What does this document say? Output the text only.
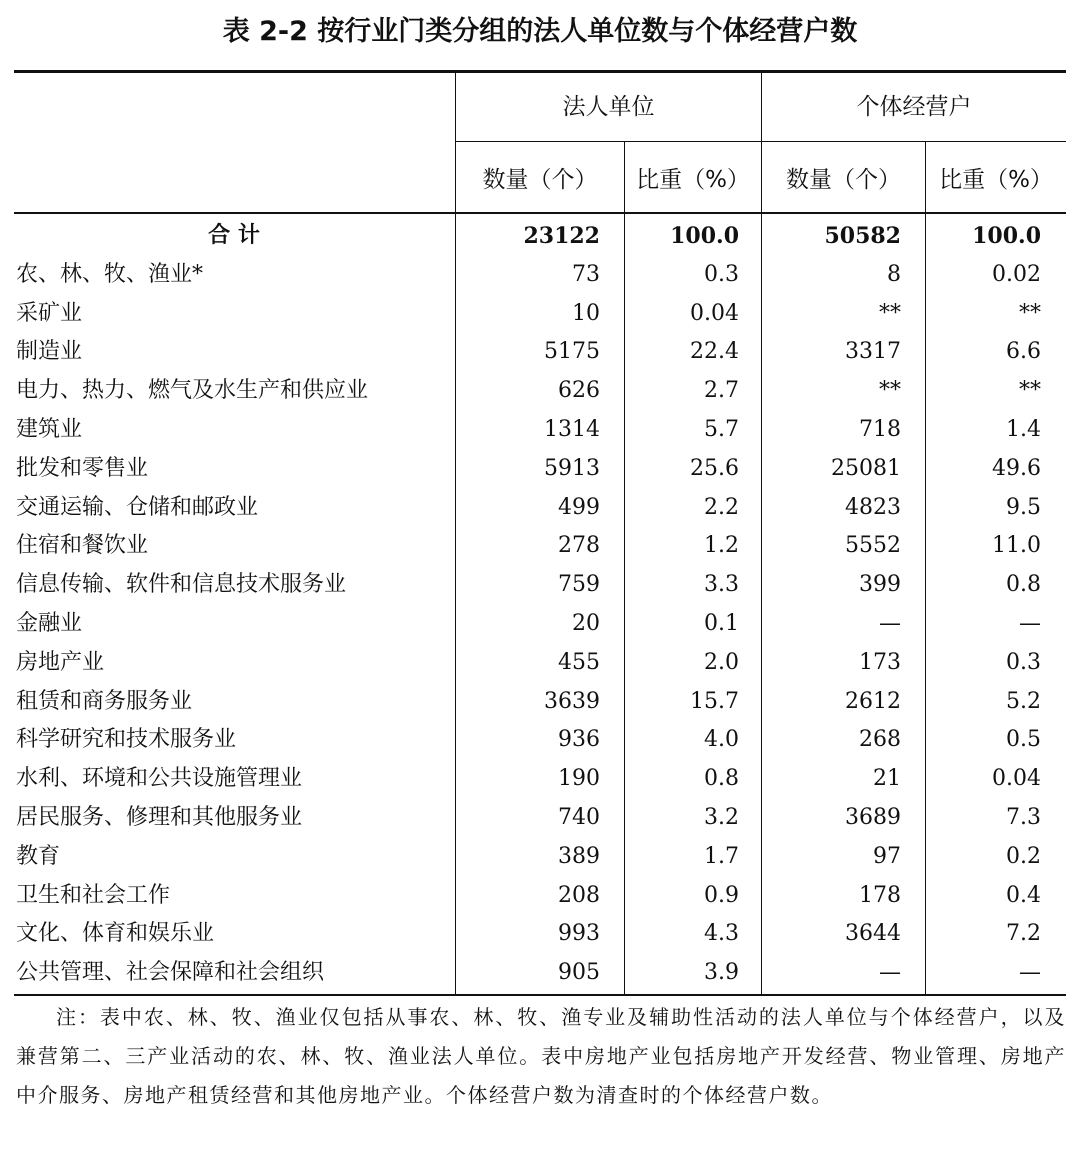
表 2-2 按行业门类分组的法人单位数与个体经营户数
法人单位	个体经营户
数量（个）	比重（%）	数量（个）	比重（%）
合 计	23122	100.0	50582	100.0
农、林、牧、渔业*	73	0.3	8	0.02
采矿业	10	0.04	**	**
制造业	5175	22.4	3317	6.6
电力、热力、燃气及水生产和供应业	626	2.7	**	**
建筑业	1314	5.7	718	1.4
批发和零售业	5913	25.6	25081	49.6
交通运输、仓储和邮政业	499	2.2	4823	9.5
住宿和餐饮业	278	1.2	5552	11.0
信息传输、软件和信息技术服务业	759	3.3	399	0.8
金融业	20	0.1	—	—
房地产业	455	2.0	173	0.3
租赁和商务服务业	3639	15.7	2612	5.2
科学研究和技术服务业	936	4.0	268	0.5
水利、环境和公共设施管理业	190	0.8	21	0.04
居民服务、修理和其他服务业	740	3.2	3689	7.3
教育	389	1.7	97	0.2
卫生和社会工作	208	0.9	178	0.4
文化、体育和娱乐业	993	4.3	3644	7.2
公共管理、社会保障和社会组织	905	3.9	—	—
注：表中农、林、牧、渔业仅包括从事农、林、牧、渔专业及辅助性活动的法人单位与个体经营户，以及兼营第二、三产业活动的农、林、牧、渔业法人单位。表中房地产业包括房地产开发经营、物业管理、房地产中介服务、房地产租赁经营和其他房地产业。个体经营户数为清查时的个体经营户数。
